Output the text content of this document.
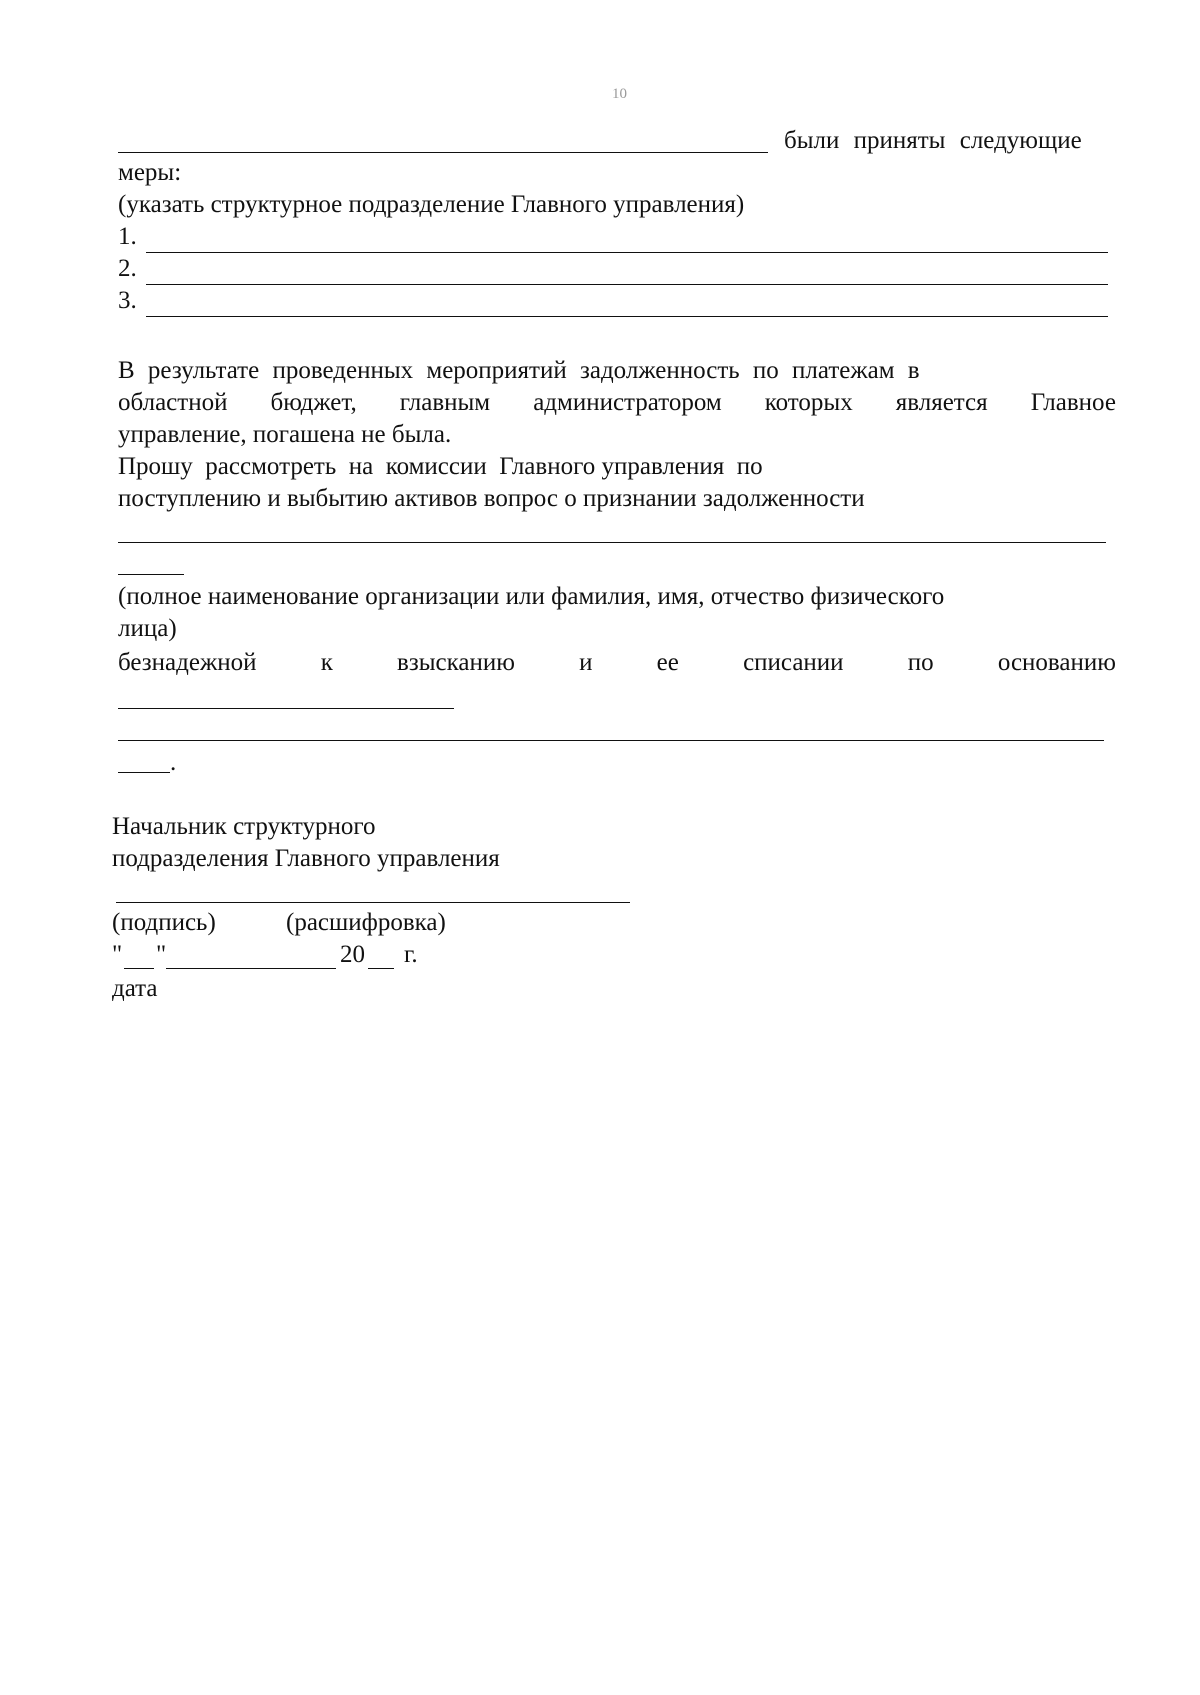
10
были приняты следующие
меры:
(указать структурное подразделение Главного управления)
1.
2.
3.
В результате проведенных мероприятий задолженность по платежам в
областной бюджет, главным администратором которых является Главное
управление, погашена не была.
Прошу  рассмотреть  на  комиссии  Главного управления  по
поступлению и выбытию активов вопрос о признании задолженности
(полное наименование организации или фамилия, имя, отчество физического
лица)
безнадежной	к	взысканию	и	ее	списании	по	основанию
.
Начальник структурного
подразделения Главного управления
(подпись)	(расшифровка)
" "	20 г.
дата
